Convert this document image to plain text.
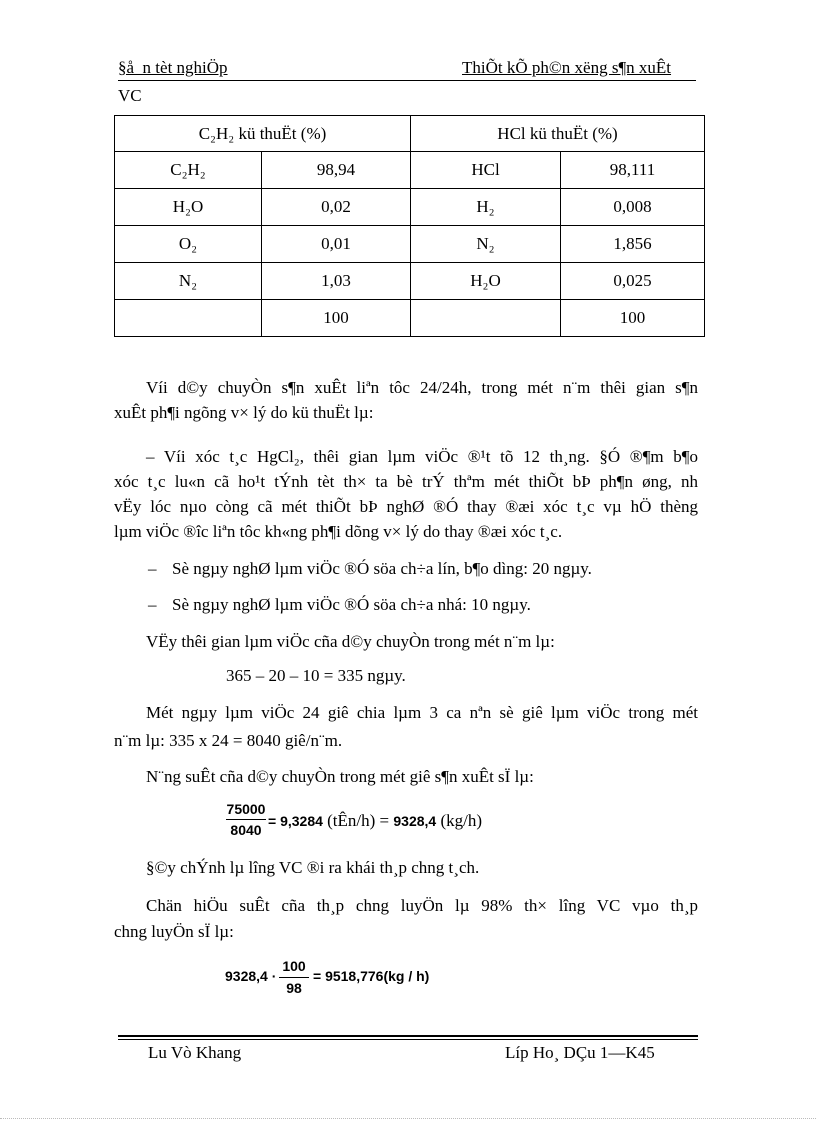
§å_n tèt nghiÖp	ThiÕt kÕ ph©n xëng s¶n xuÊt
VC
C₂H₂ kü thuËt (%)		HCl kü thuËt (%)	
C₂H₂	98,94	HCl	98,111
H₂O	0,02	H₂	0,008
O₂	0,01	N₂	1,856
N₂	1,03	H₂O	0,025
	100		100
Víi d©y chuyÒn s¶n xuÊt liªn tôc 24/24h, trong mét n¨m thêi gian s¶n
xuÊt ph¶i ngõng v× lý do kü thuËt lµ:
– Víi xóc t¸c HgCl₂, thêi gian lµm viÖc ®¹t tõ 12 th¸ng. §Ó ®¶m b¶o
xóc t¸c lu«n cã ho¹t tÝnh tèt th× ta bè trÝ thªm mét thiÕt bÞ ph¶n øng, nh
vËy lóc nµo còng cã mét thiÕt bÞ nghØ ®Ó thay ®æi xóc t¸c vµ hÖ thèng
lµm viÖc ®îc liªn tôc kh«ng ph¶i dõng v× lý do thay ®æi xóc t¸c.
– Sè ngµy nghØ lµm viÖc ®Ó söa ch÷a lín, b¶o dìng: 20 ngµy.
– Sè ngµy nghØ lµm viÖc ®Ó söa ch÷a nhá: 10 ngµy.
VËy thêi gian lµm viÖc cña d©y chuyÒn trong mét n¨m lµ:
365 – 20 – 10 = 335 ngµy.
Mét ngµy lµm viÖc 24 giê chia lµm 3 ca nªn sè giê lµm viÖc trong mét
n¨m lµ: 335 x 24 = 8040 giê/n¨m.
N¨ng suÊt cña d©y chuyÒn trong mét giê s¶n xuÊt sÏ lµ:
75000
8040
= 9,3284 (tÊn/h) = 9328,4 (kg/h)
§©y chÝnh lµ lîng VC ®i ra khái th¸p chng t¸ch.
Chän hiÖu suÊt cña th¸p chng luyÖn lµ 98% th× lîng VC vµo th¸p
chng luyÖn sÏ lµ:
9328,4 ·
100
98
= 9518,776(kg / h)
Lu Vò Khang	Líp Ho¸ DÇu 1—K45
